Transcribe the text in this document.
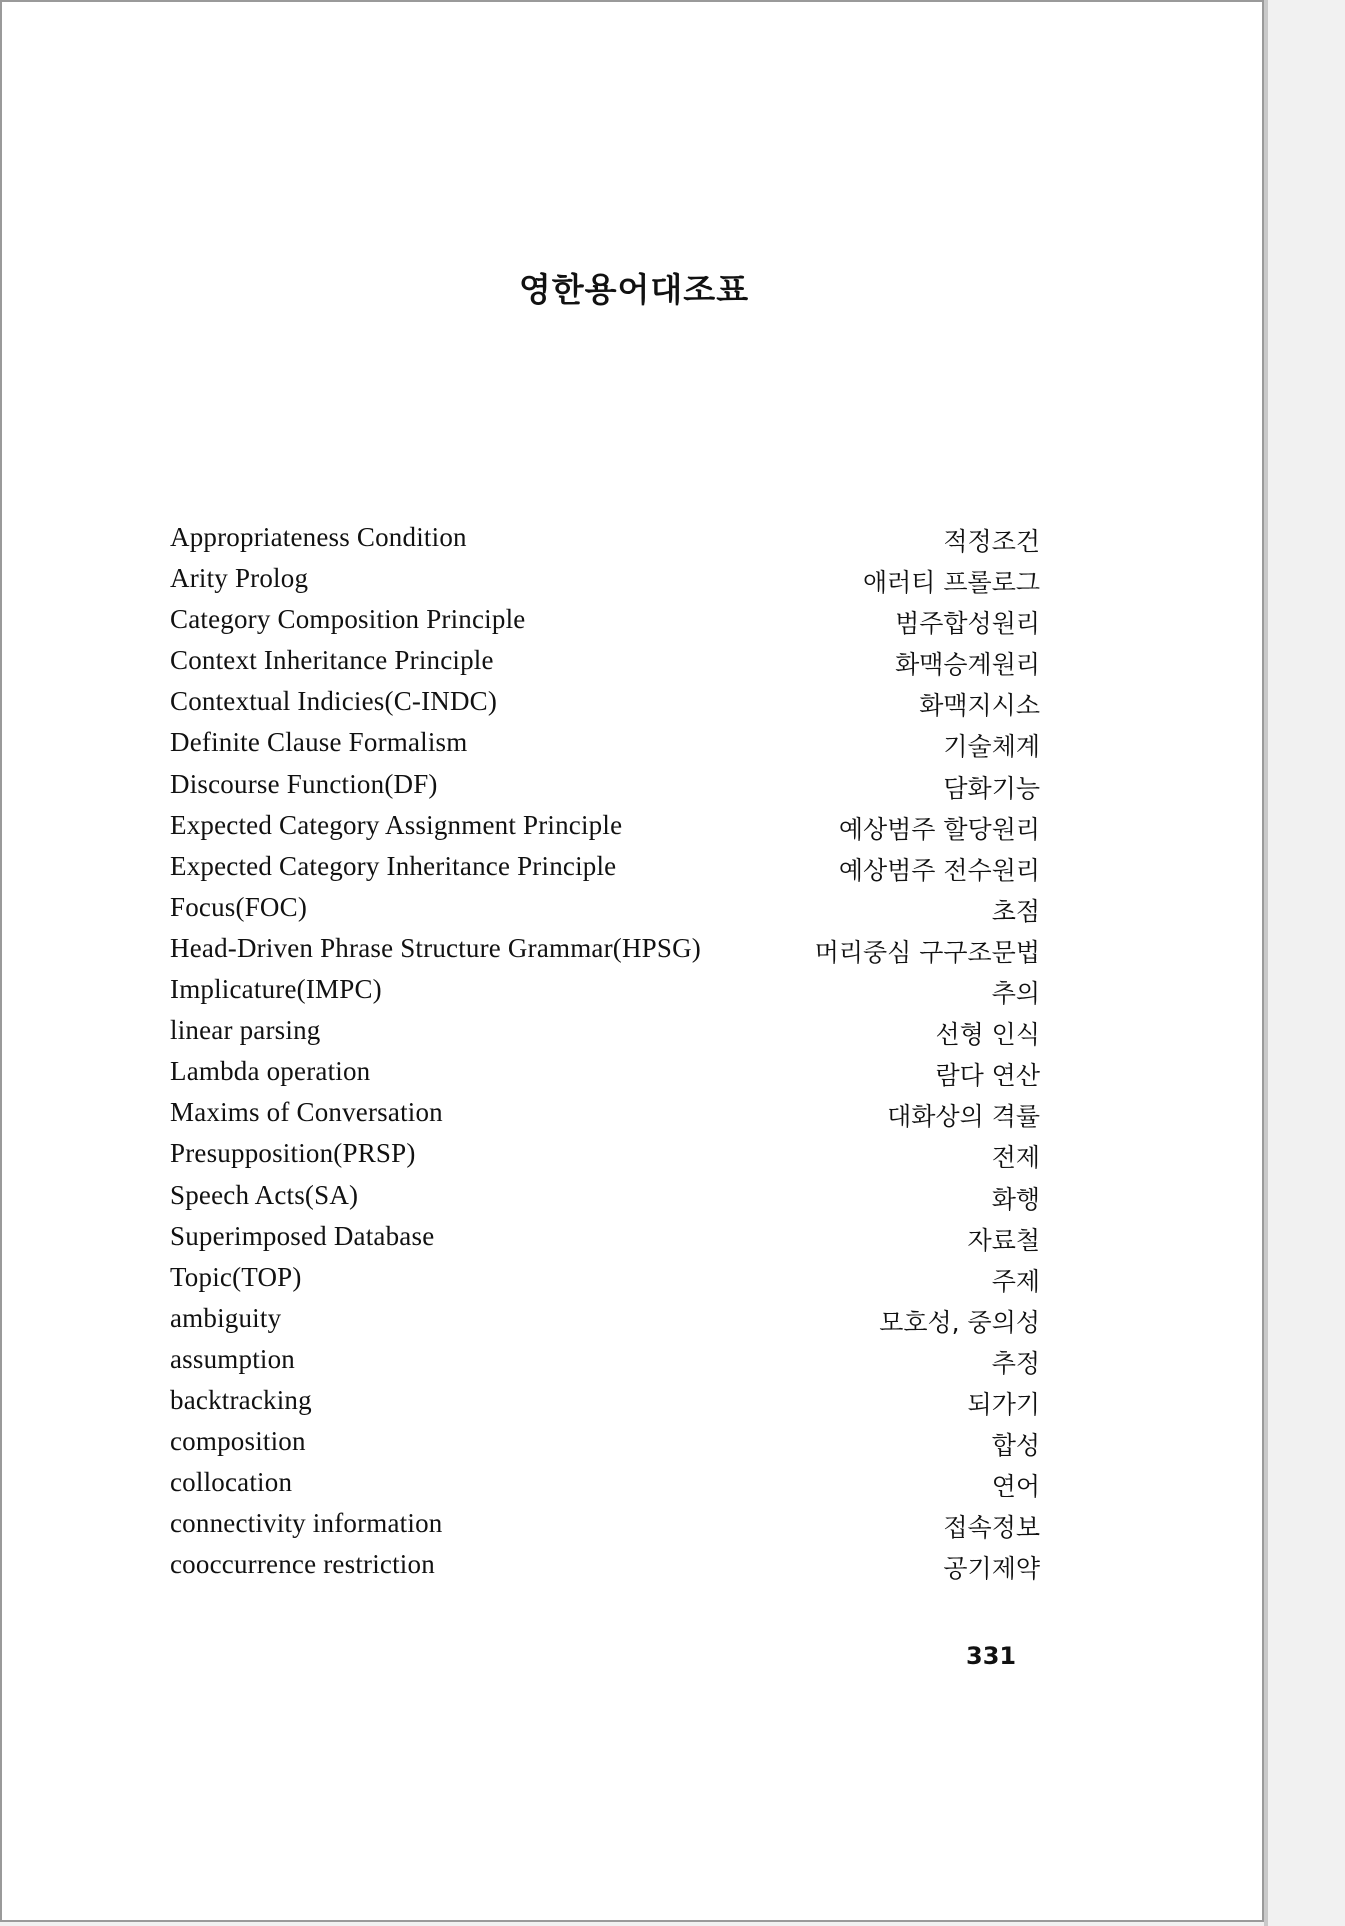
영한용어대조표
Appropriateness Condition	적정조건
Arity Prolog	애러티 프롤로그
Category Composition Principle	범주합성원리
Context Inheritance Principle	화맥승계원리
Contextual Indicies(C-INDC)	화맥지시소
Definite Clause Formalism	기술체계
Discourse Function(DF)	담화기능
Expected Category Assignment Principle	예상범주 할당원리
Expected Category Inheritance Principle	예상범주 전수원리
Focus(FOC)	초점
Head-Driven Phrase Structure Grammar(HPSG)	머리중심 구구조문법
Implicature(IMPC)	추의
linear parsing	선형 인식
Lambda operation	람다 연산
Maxims of Conversation	대화상의 격률
Presupposition(PRSP)	전제
Speech Acts(SA)	화행
Superimposed Database	자료철
Topic(TOP)	주제
ambiguity	모호성, 중의성
assumption	추정
backtracking	되가기
composition	합성
collocation	연어
connectivity information	접속정보
cooccurrence restriction	공기제약
331
